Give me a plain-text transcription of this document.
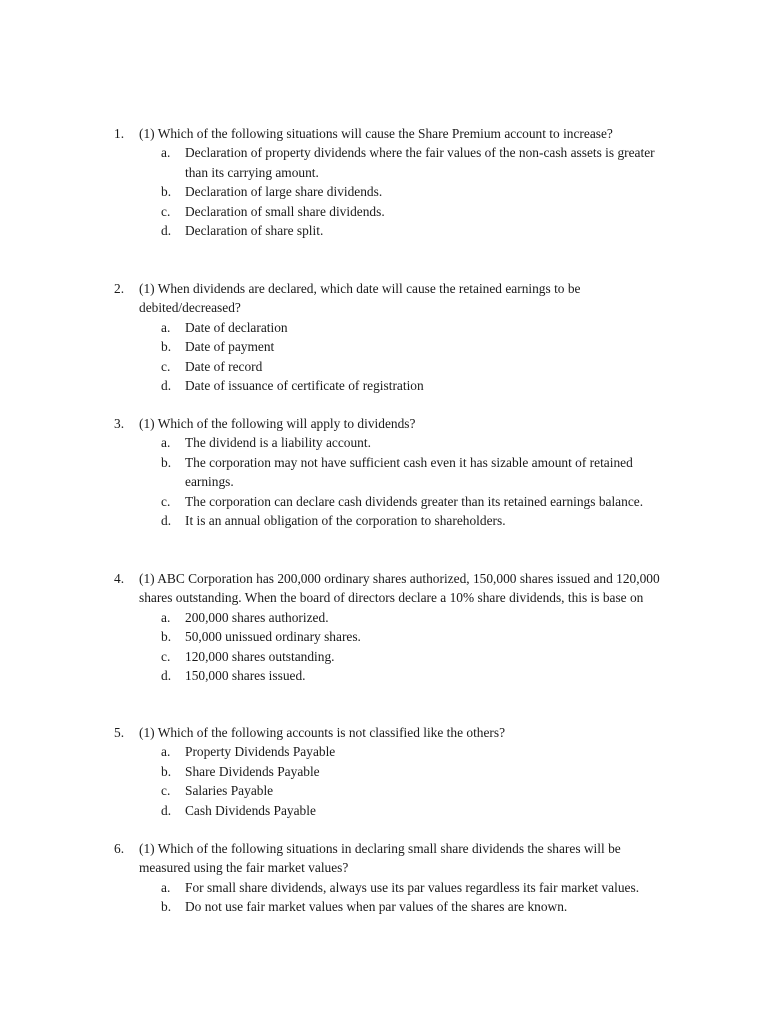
1. (1) Which of the following situations will cause the Share Premium account to increase?
a. Declaration of property dividends where the fair values of the non-cash assets is greater than its carrying amount.
b. Declaration of large share dividends.
c. Declaration of small share dividends.
d. Declaration of share split.
2. (1) When dividends are declared, which date will cause the retained earnings to be debited/decreased?
a. Date of declaration
b. Date of payment
c. Date of record
d. Date of issuance of certificate of registration
3. (1) Which of the following will apply to dividends?
a. The dividend is a liability account.
b. The corporation may not have sufficient cash even it has sizable amount of retained earnings.
c. The corporation can declare cash dividends greater than its retained earnings balance.
d. It is an annual obligation of the corporation to shareholders.
4. (1) ABC Corporation has 200,000 ordinary shares authorized, 150,000 shares issued and 120,000 shares outstanding. When the board of directors declare a 10% share dividends, this is base on
a. 200,000 shares authorized.
b. 50,000 unissued ordinary shares.
c. 120,000 shares outstanding.
d. 150,000 shares issued.
5. (1) Which of the following accounts is not classified like the others?
a. Property Dividends Payable
b. Share Dividends Payable
c. Salaries Payable
d. Cash Dividends Payable
6. (1) Which of the following situations in declaring small share dividends the shares will be measured using the fair market values?
a. For small share dividends, always use its par values regardless its fair market values.
b. Do not use fair market values when par values of the shares are known.
